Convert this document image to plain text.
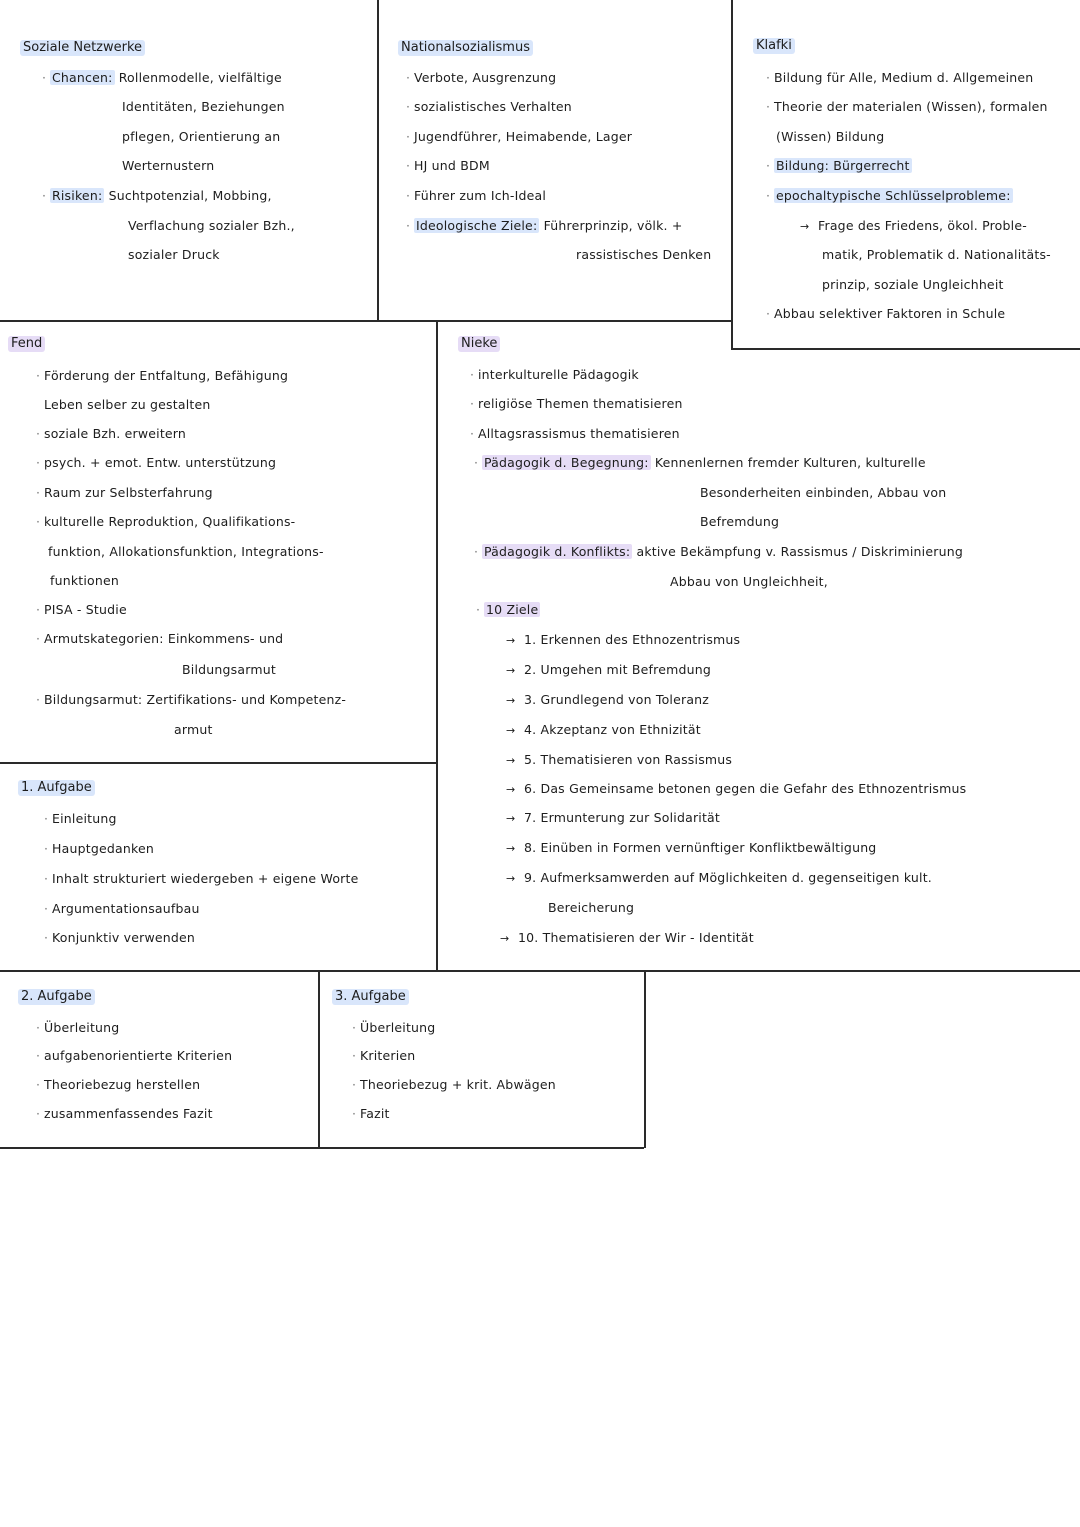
Soziale Netzwerke
· Chancen: Rollenmodelle, vielfältige
Identitäten, Beziehungen
pflegen, Orientierung an
Werternustern
· Risiken: Suchtpotenzial, Mobbing,
Verflachung sozialer Bzh.,
sozialer Druck
Nationalsozialismus
· Verbote, Ausgrenzung
· sozialistisches Verhalten
· Jugendführer, Heimabende, Lager
· HJ und BDM
· Führer zum Ich-Ideal
· Ideologische Ziele: Führerprinzip, völk. +
rassistisches Denken
Klafki
· Bildung für Alle, Medium d. Allgemeinen
· Theorie der materialen (Wissen), formalen
(Wissen) Bildung
· Bildung: Bürgerrecht
· epochaltypische Schlüsselprobleme:
→ Frage des Friedens, ökol. Proble-
matik, Problematik d. Nationalitäts-
prinzip, soziale Ungleichheit
· Abbau selektiver Faktoren in Schule
Fend
· Förderung der Entfaltung, Befähigung
Leben selber zu gestalten
· soziale Bzh. erweitern
· psych. + emot. Entw. unterstützung
· Raum zur Selbsterfahrung
· kulturelle Reproduktion, Qualifikations-
funktion, Allokationsfunktion, Integrations-
funktionen
· PISA - Studie
· Armutskategorien: Einkommens- und
Bildungsarmut
· Bildungsarmut: Zertifikations- und Kompetenz-
armut
Nieke
· interkulturelle Pädagogik
· religiöse Themen thematisieren
· Alltagsrassismus thematisieren
· Pädagogik d. Begegnung: Kennenlernen fremder Kulturen, kulturelle
Besonderheiten einbinden, Abbau von
Befremdung
· Pädagogik d. Konflikts: aktive Bekämpfung v. Rassismus / Diskriminierung
Abbau von Ungleichheit,
· 10 Ziele
→ 1. Erkennen des Ethnozentrismus
→ 2. Umgehen mit Befremdung
→ 3. Grundlegend von Toleranz
→ 4. Akzeptanz von Ethnizität
→ 5. Thematisieren von Rassismus
→ 6. Das Gemeinsame betonen gegen die Gefahr des Ethnozentrismus
→ 7. Ermunterung zur Solidarität
→ 8. Einüben in Formen vernünftiger Konfliktbewältigung
→ 9. Aufmerksamwerden auf Möglichkeiten d. gegenseitigen kult.
Bereicherung
→ 10. Thematisieren der Wir - Identität
1. Aufgabe
· Einleitung
· Hauptgedanken
· Inhalt strukturiert wiedergeben + eigene Worte
· Argumentationsaufbau
· Konjunktiv verwenden
2. Aufgabe
· Überleitung
· aufgabenorientierte Kriterien
· Theoriebezug herstellen
· zusammenfassendes Fazit
3. Aufgabe
· Überleitung
· Kriterien
· Theoriebezug + krit. Abwägen
· Fazit
